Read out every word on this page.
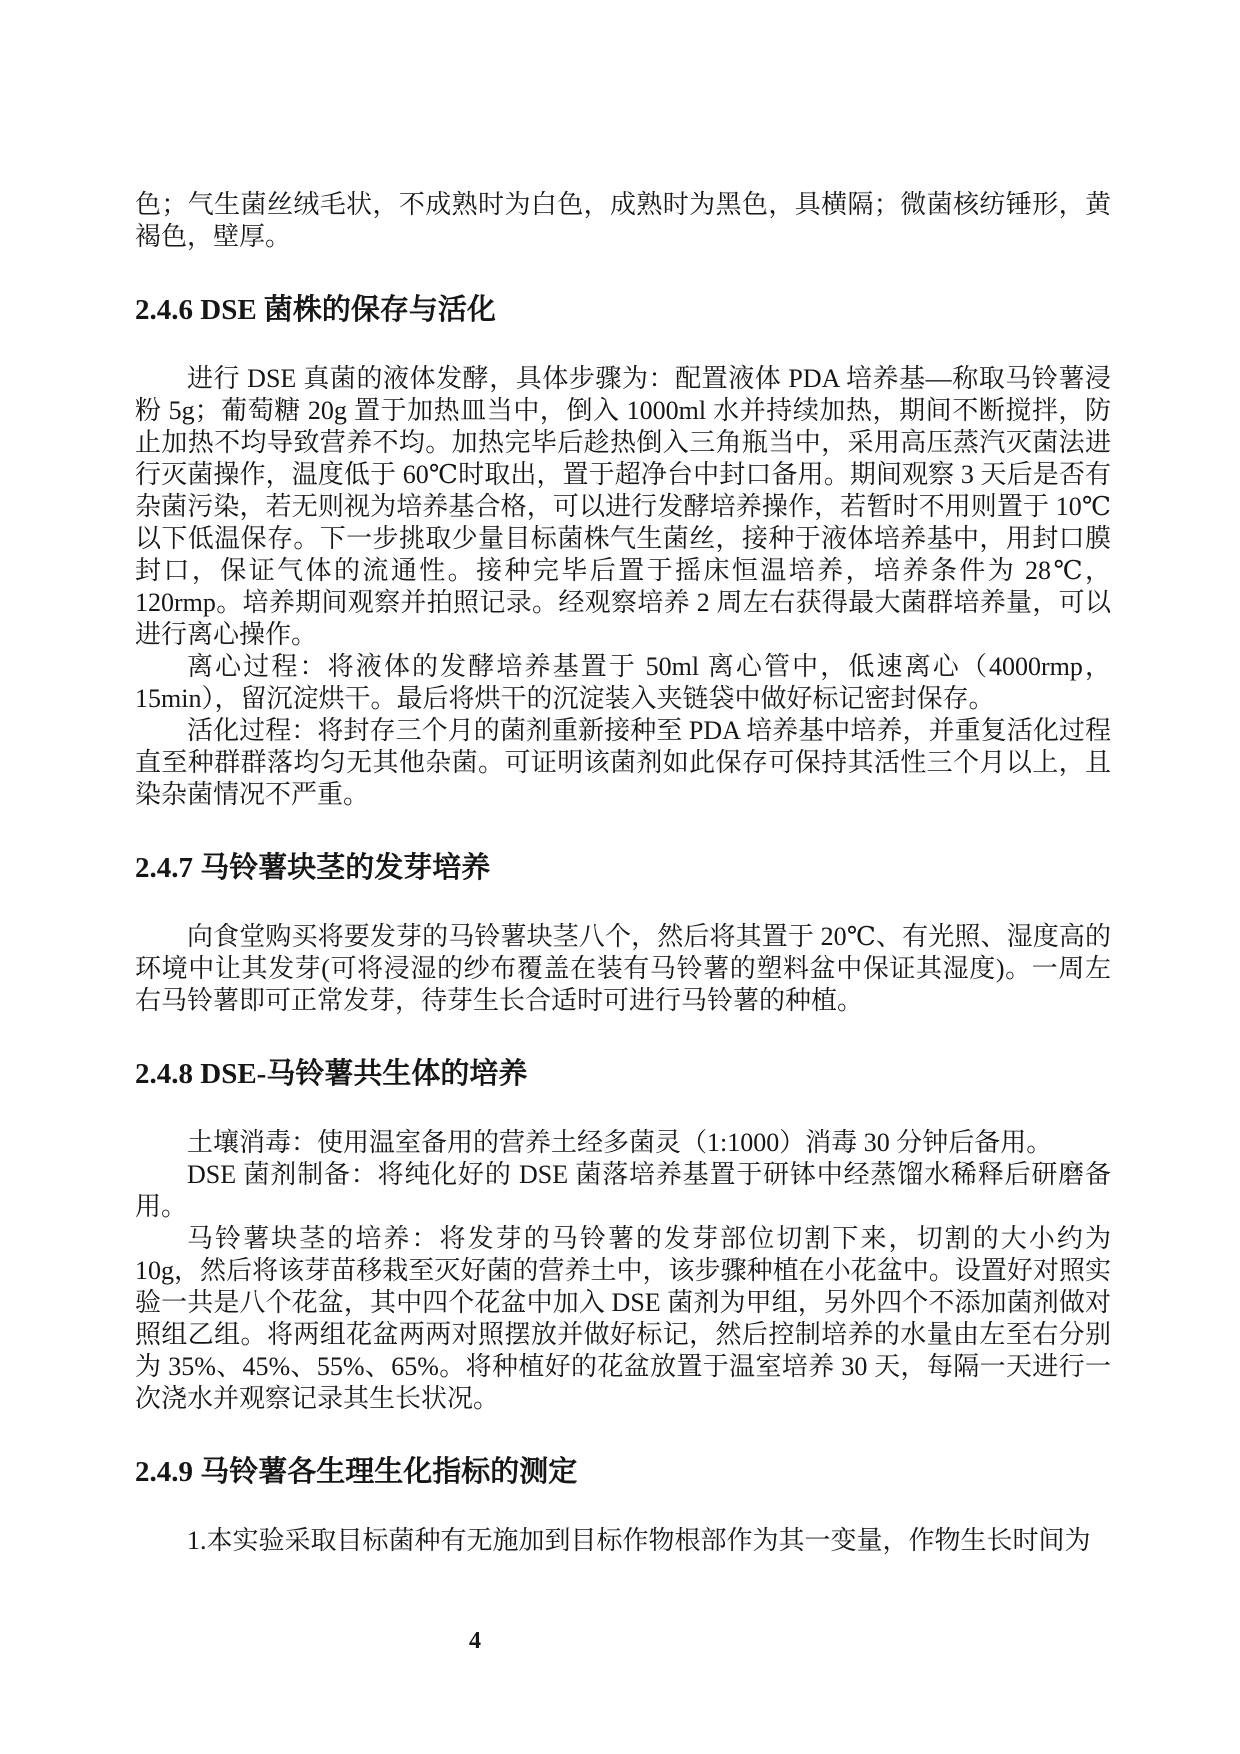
色；气生菌丝绒毛状，不成熟时为白色，成熟时为黑色，具横隔；微菌核纺锤形，黄褐色，壁厚。

2.4.6 DSE 菌株的保存与活化

进行 DSE 真菌的液体发酵，具体步骤为：配置液体 PDA 培养基—称取马铃薯浸粉 5g；葡萄糖 20g 置于加热皿当中，倒入 1000ml 水并持续加热，期间不断搅拌，防止加热不均导致营养不均。加热完毕后趁热倒入三角瓶当中，采用高压蒸汽灭菌法进行灭菌操作，温度低于 60℃时取出，置于超净台中封口备用。期间观察 3 天后是否有杂菌污染，若无则视为培养基合格，可以进行发酵培养操作，若暂时不用则置于 10℃以下低温保存。下一步挑取少量目标菌株气生菌丝，接种于液体培养基中，用封口膜封口，保证气体的流通性。接种完毕后置于摇床恒温培养，培养条件为 28℃，120rmp。培养期间观察并拍照记录。经观察培养 2 周左右获得最大菌群培养量，可以进行离心操作。

离心过程：将液体的发酵培养基置于 50ml 离心管中，低速离心（4000rmp，15min），留沉淀烘干。最后将烘干的沉淀装入夹链袋中做好标记密封保存。

活化过程：将封存三个月的菌剂重新接种至 PDA 培养基中培养，并重复活化过程直至种群群落均匀无其他杂菌。可证明该菌剂如此保存可保持其活性三个月以上，且染杂菌情况不严重。

2.4.7 马铃薯块茎的发芽培养

向食堂购买将要发芽的马铃薯块茎八个，然后将其置于 20℃、有光照、湿度高的环境中让其发芽(可将浸湿的纱布覆盖在装有马铃薯的塑料盆中保证其湿度)。一周左右马铃薯即可正常发芽，待芽生长合适时可进行马铃薯的种植。

2.4.8 DSE-马铃薯共生体的培养

土壤消毒：使用温室备用的营养土经多菌灵（1:1000）消毒 30 分钟后备用。

DSE 菌剂制备：将纯化好的 DSE 菌落培养基置于研钵中经蒸馏水稀释后研磨备用。

马铃薯块茎的培养：将发芽的马铃薯的发芽部位切割下来，切割的大小约为 10g，然后将该芽苗移栽至灭好菌的营养土中，该步骤种植在小花盆中。设置好对照实验一共是八个花盆，其中四个花盆中加入 DSE 菌剂为甲组，另外四个不添加菌剂做对照组乙组。将两组花盆两两对照摆放并做好标记，然后控制培养的水量由左至右分别为 35%、45%、55%、65%。将种植好的花盆放置于温室培养 30 天，每隔一天进行一次浇水并观察记录其生长状况。

2.4.9 马铃薯各生理生化指标的测定

1.本实验采取目标菌种有无施加到目标作物根部作为其一变量，作物生长时间为

4
